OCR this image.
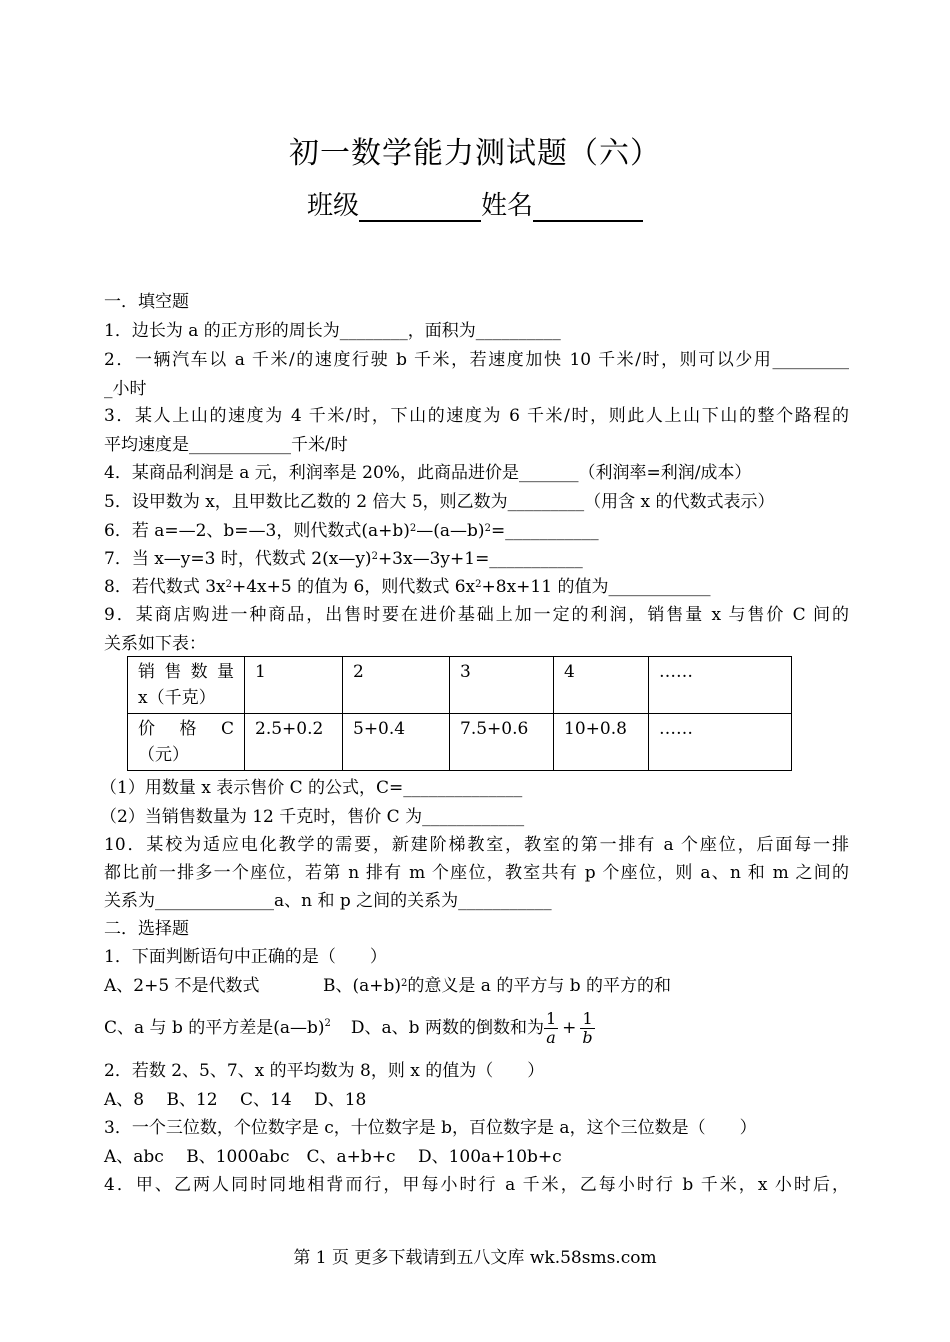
初一数学能力测试题（六）
班级	姓名
一．填空题
1．边长为 a 的正方形的周长为________，面积为__________
2．一辆汽车以 a 千米/的速度行驶 b 千米，若速度加快 10 千米/时，则可以少用_________
_小时
3．某人上山的速度为 4 千米/时，下山的速度为 6 千米/时，则此人上山下山的整个路程的
平均速度是____________千米/时
4．某商品利润是 a 元，利润率是 20%，此商品进价是_______（利润率=利润/成本）
5．设甲数为 x，且甲数比乙数的 2 倍大 5，则乙数为_________（用含 x 的代数式表示）
6．若 a=—2、b=—3，则代数式$(a+b)^2—(a—b)^2=\_\_\_\_\_\_\_\_\_\_\_$
7．当 x—y=3 时，代数式 2(x—y)$^2$+3x—3y+1=___________
8．若代数式 $3x^2+4x+5$ 的值为 6，则代数式 $6x^2+8x+11$ 的值为____________
9．某商店购进一种商品，出售时要在进价基础上加一定的利润，销售量 x 与售价 C 间的
关系如下表：
销 售 数 量 x（千克）	1	2	3	4	……
价　 格　 C（元）	2.5+0.2	5+0.4	7.5+0.6	10+0.8	……
（1）用数量 x 表示售价 C 的公式，C=______________
（2）当销售数量为 12 千克时，售价 C 为____________
10．某校为适应电化教学的需要，新建阶梯教室，教室的第一排有 a 个座位，后面每一排
都比前一排多一个座位，若第 n 排有 m 个座位，教室共有 p 个座位，则 a、n 和 m 之间的
关系为______________a、n 和 p 之间的关系为___________
二．选择题
1．下面判断语句中正确的是（　　）
A、2+5 不是代数式	B、$(a+b)^2$的意义是 a 的平方与 b 的平方的和
C、a 与 b 的平方差是(a—b)$^2$ D、a、b 两数的倒数和为 $\frac{1}{a} + \frac{1}{b}$
2．若数 2、5、7、x 的平均数为 8，则 x 的值为（　　）
A、8　 B、12　 C、14　 D、18
3．一个三位数，个位数字是 c，十位数字是 b，百位数字是 a，这个三位数是（　　）
A、abc　 B、1000abc　C、a+b+c　 D、100a+10b+c
4．甲、乙两人同时同地相背而行，甲每小时行 a 千米，乙每小时行 b 千米，x 小时后，
第 1 页 更多下载请到五八文库 wk.58sms.com
